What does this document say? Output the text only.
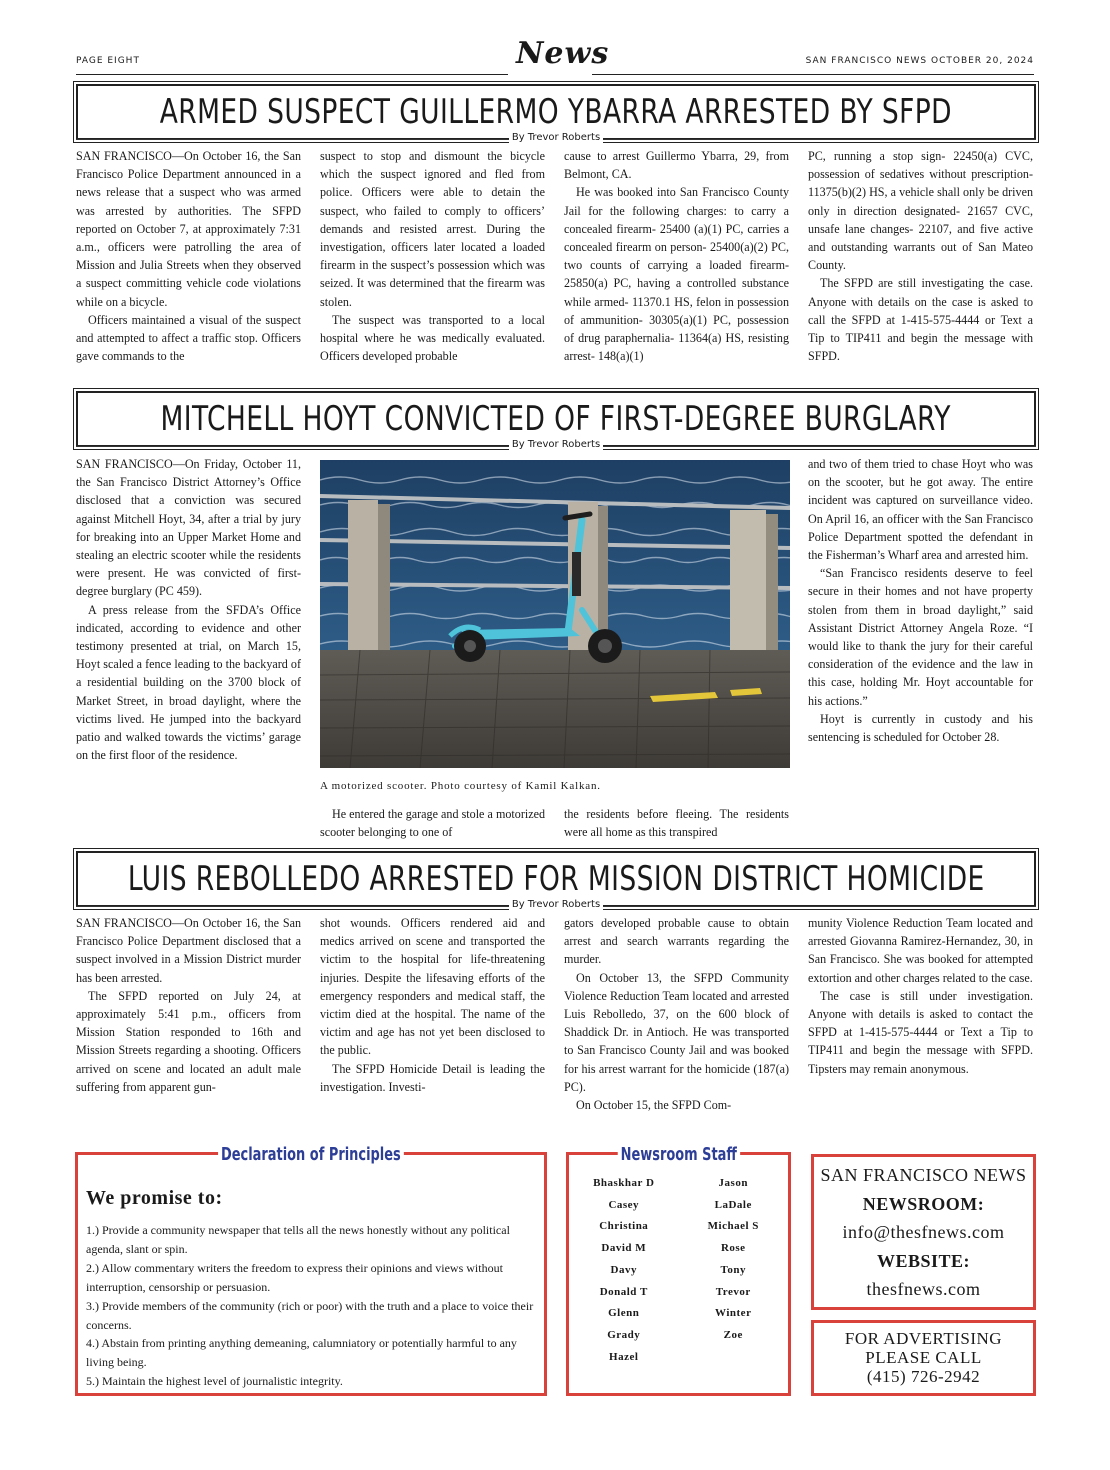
PAGE EIGHT	News	SAN FRANCISCO NEWS OCTOBER 20, 2024
ARMED SUSPECT GUILLERMO YBARRA ARRESTED BY SFPD
By Trevor Roberts

SAN FRANCISCO—On October 16, the San Francisco Police Department announced in a news release that a suspect who was armed was arrested by authorities. The SFPD reported on October 7, at approximately 7:31 a.m., officers were patrolling the area of Mission and Julia Streets when they observed a suspect committing vehicle code violations while on a bicycle.

Officers maintained a visual of the suspect and attempted to affect a traffic stop. Officers gave commands to the

suspect to stop and dismount the bicycle which the suspect ignored and fled from police. Officers were able to detain the suspect, who failed to comply to officers’ demands and resisted arrest. During the investigation, officers later located a loaded firearm in the suspect’s possession which was seized. It was determined that the firearm was stolen.

The suspect was transported to a local hospital where he was medically evaluated. Officers developed probable

cause to arrest Guillermo Ybarra, 29, from Belmont, CA.

He was booked into San Francisco County Jail for the following charges: to carry a concealed firearm- 25400 (a)(1) PC, carries a concealed firearm on person- 25400(a)(2) PC, two counts of carrying a loaded firearm- 25850(a) PC, having a controlled substance while armed- 11370.1 HS, felon in possession of ammunition- 30305(a)(1) PC, possession of drug paraphernalia- 11364(a) HS, resisting arrest- 148(a)(1)

PC, running a stop sign- 22450(a) CVC, possession of sedatives without prescription- 11375(b)(2) HS, a vehicle shall only be driven only in direction designated- 21657 CVC, unsafe lane changes- 22107, and five active and outstanding warrants out of San Mateo County.

The SFPD are still investigating the case. Anyone with details on the case is asked to call the SFPD at 1-415-575-4444 or Text a Tip to TIP411 and begin the message with SFPD.

MITCHELL HOYT CONVICTED OF FIRST-DEGREE BURGLARY
By Trevor Roberts

SAN FRANCISCO—On Friday, October 11, the San Francisco District Attorney’s Office disclosed that a conviction was secured against Mitchell Hoyt, 34, after a trial by jury for breaking into an Upper Market Home and stealing an electric scooter while the residents were present. He was convicted of first-degree burglary (PC 459).

A press release from the SFDA’s Office indicated, according to evidence and other testimony presented at trial, on March 15, Hoyt scaled a fence leading to the backyard of a residential building on the 3700 block of Market Street, in broad daylight, where the victims lived. He jumped into the backyard patio and walked towards the victims’ garage on the first floor of the residence.

He entered the garage and stole a motorized scooter belonging to one of

the residents before fleeing. The residents were all home as this transpired

and two of them tried to chase Hoyt who was on the scooter, but he got away. The entire incident was captured on surveillance video. On April 16, an officer with the San Francisco Police Department spotted the defendant in the Fisherman’s Wharf area and arrested him.

“San Francisco residents deserve to feel secure in their homes and not have property stolen from them in broad daylight,” said Assistant District Attorney Angela Roze. “I would like to thank the jury for their careful consideration of the evidence and the law in this case, holding Mr. Hoyt accountable for his actions.”

Hoyt is currently in custody and his sentencing is scheduled for October 28.

A motorized scooter. Photo courtesy of Kamil Kalkan.
LUIS REBOLLEDO ARRESTED FOR MISSION DISTRICT HOMICIDE
By Trevor Roberts

SAN FRANCISCO—On October 16, the San Francisco Police Department disclosed that a suspect involved in a Mission District murder has been arrested.

The SFPD reported on July 24, at approximately 5:41 p.m., officers from Mission Station responded to 16th and Mission Streets regarding a shooting. Officers arrived on scene and located an adult male suffering from apparent gun-

shot wounds. Officers rendered aid and medics arrived on scene and transported the victim to the hospital for life-threatening injuries. Despite the lifesaving efforts of the emergency responders and medical staff, the victim died at the hospital. The name of the victim and age has not yet been disclosed to the public.

The SFPD Homicide Detail is leading the investigation. Investi-

gators developed probable cause to obtain arrest and search warrants regarding the murder.

On October 13, the SFPD Community Violence Reduction Team located and arrested Luis Rebolledo, 37, on the 600 block of Shaddick Dr. in Antioch. He was transported to San Francisco County Jail and was booked for his arrest warrant for the homicide (187(a) PC).

On October 15, the SFPD Com-

munity Violence Reduction Team located and arrested Giovanna Ramirez-Hernandez, 30, in San Francisco. She was booked for attempted extortion and other charges related to the case.

The case is still under investigation. Anyone with details is asked to contact the SFPD at 1-415-575-4444 or Text a Tip to TIP411 and begin the message with SFPD. Tipsters may remain anonymous.

Declaration of Principles
We promise to:
1.) Provide a community newspaper that tells all the news honestly without any political agenda, slant or spin.
2.) Allow commentary writers the freedom to express their opinions and views without interruption, censorship or persuasion.
3.) Provide members of the community (rich or poor) with the truth and a place to voice their concerns.
4.) Abstain from printing anything demeaning, calumniatory or potentially harmful to any living being.
5.) Maintain the highest level of journalistic integrity.
Newsroom Staff
Bhaskhar D
Casey
Christina
David M
Davy
Donald T
Glenn
Grady
Hazel
Jason
LaDale
Michael S
Rose
Tony
Trevor
Winter
Zoe
SAN FRANCISCO NEWS
NEWSROOM:
info@thesfnews.com
WEBSITE:
thesfnews.com
FOR ADVERTISING
PLEASE CALL
(415) 726-2942
